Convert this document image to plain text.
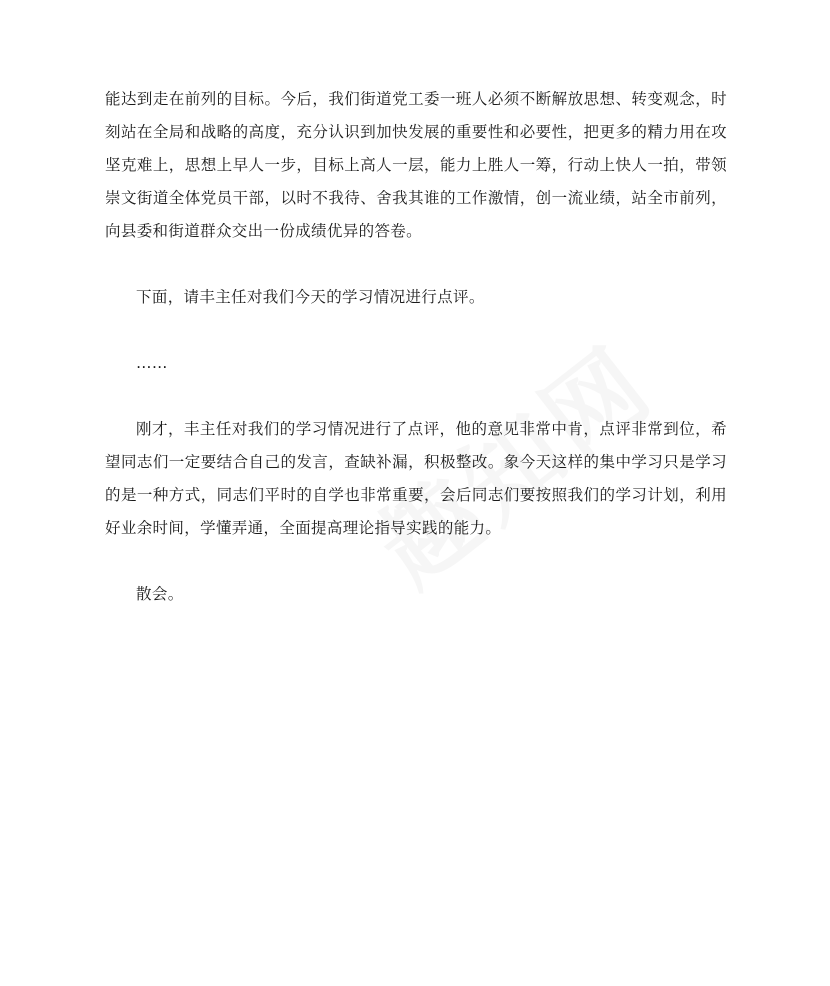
能达到走在前列的目标。今后，我们街道党工委一班人必须不断解放思想、转变观念，时刻站在全局和战略的高度，充分认识到加快发展的重要性和必要性，把更多的精力用在攻坚克难上，思想上早人一步，目标上高人一层，能力上胜人一筹，行动上快人一拍，带领崇文街道全体党员干部，以时不我待、舍我其谁的工作激情，创一流业绩，站全市前列，向县委和街道群众交出一份成绩优异的答卷。

下面，请丰主任对我们今天的学习情况进行点评。

……

刚才，丰主任对我们的学习情况进行了点评，他的意见非常中肯，点评非常到位，希望同志们一定要结合自己的发言，查缺补漏，积极整改。象今天这样的集中学习只是学习的是一种方式，同志们平时的自学也非常重要，会后同志们要按照我们的学习计划，利用好业余时间，学懂弄通，全面提高理论指导实践的能力。

散会。
